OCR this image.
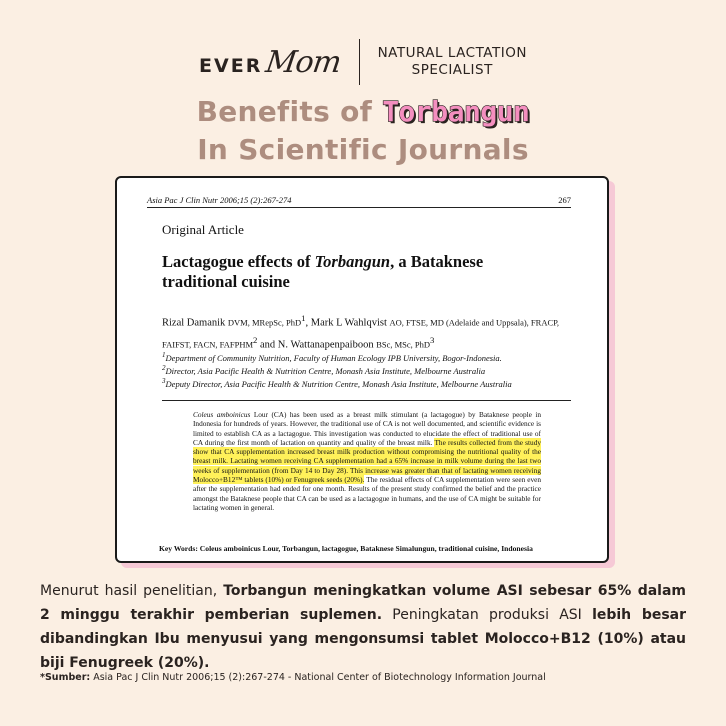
EVER Mom	NATURAL LACTATION
SPECIALIST
Benefits of Torbangun
In Scientific Journals
Asia Pac J Clin Nutr 2006;15 (2):267-274	267
Original Article
Lactagogue effects of Torbangun, a Bataknese traditional cuisine
Rizal Damanik DVM, MRepSc, PhD$^1$, Mark L Wahlqvist AO, FTSE, MD (Adelaide and Uppsala), FRACP, FAIFST, FACN, FAFPHM$^2$ and N. Wattanapenpaiboon BSc, MSc, PhD$^3$
$^1$Department of Community Nutrition, Faculty of Human Ecology IPB University, Bogor-Indonesia.
$^2$Director, Asia Pacific Health & Nutrition Centre, Monash Asia Institute, Melbourne Australia
$^3$Deputy Director, Asia Pacific Health & Nutrition Centre, Monash Asia Institute, Melbourne Australia
Coleus amboinicus Lour (CA) has been used as a breast milk stimulant (a lactagogue) by Bataknese people in Indonesia for hundreds of years. However, the traditional use of CA is not well documented, and scientific evidence is limited to establish CA as a lactagogue. This investigation was conducted to elucidate the effect of traditional use of CA during the first month of lactation on quantity and quality of the breast milk. The results collected from the study show that CA supplementation increased breast milk production without compromising the nutritional quality of the breast milk. Lactating women receiving CA supplementation had a 65% increase in milk volume during the last two weeks of supplementation (from Day 14 to Day 28). This increase was greater than that of lactating women receiving Molocco+B12™ tablets (10%) or Fenugreek seeds (20%). The residual effects of CA supplementation were seen even after the supplementation had ended for one month. Results of the present study confirmed the belief and the practice amongst the Bataknese people that CA can be used as a lactagogue in humans, and the use of CA might be suitable for lactating women in general.
Key Words: Coleus amboinicus Lour, Torbangun, lactagogue, Bataknese Simalungun, traditional cuisine, Indonesia
Menurut hasil penelitian, Torbangun meningkatkan volume ASI sebesar 65% dalam 2 minggu terakhir pemberian suplemen. Peningkatan produksi ASI lebih besar dibandingkan Ibu menyusui yang mengonsumsi tablet Molocco+B12 (10%) atau biji Fenugreek (20%).
*Sumber: Asia Pac J Clin Nutr 2006;15 (2):267-274 - National Center of Biotechnology Information Journal
